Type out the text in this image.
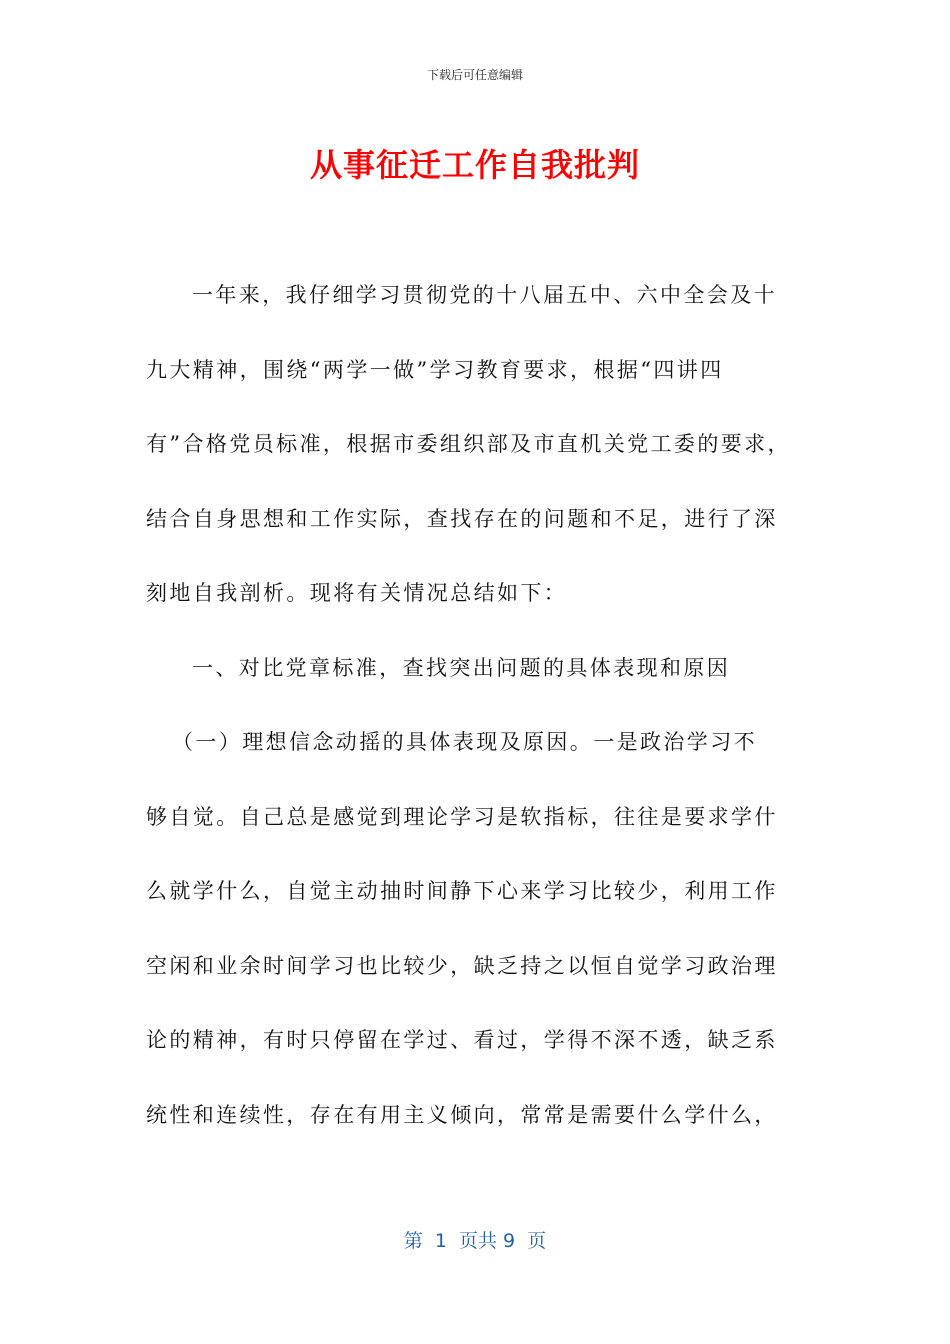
下载后可任意编辑
从事征迁工作自我批判
一年来，我仔细学习贯彻党的十八届五中、六中全会及十
九大精神，围绕“两学一做”学习教育要求，根据“四讲四
有”合格党员标准，根据市委组织部及市直机关党工委的要求，
结合自身思想和工作实际，查找存在的问题和不足，进行了深
刻地自我剖析。现将有关情况总结如下：
一、对比党章标准，查找突出问题的具体表现和原因
（一）理想信念动摇的具体表现及原因。一是政治学习不
够自觉。自己总是感觉到理论学习是软指标，往往是要求学什
么就学什么，自觉主动抽时间静下心来学习比较少，利用工作
空闲和业余时间学习也比较少，缺乏持之以恒自觉学习政治理
论的精神，有时只停留在学过、看过，学得不深不透，缺乏系
统性和连续性，存在有用主义倾向，常常是需要什么学什么，
第  1  页共 9  页
